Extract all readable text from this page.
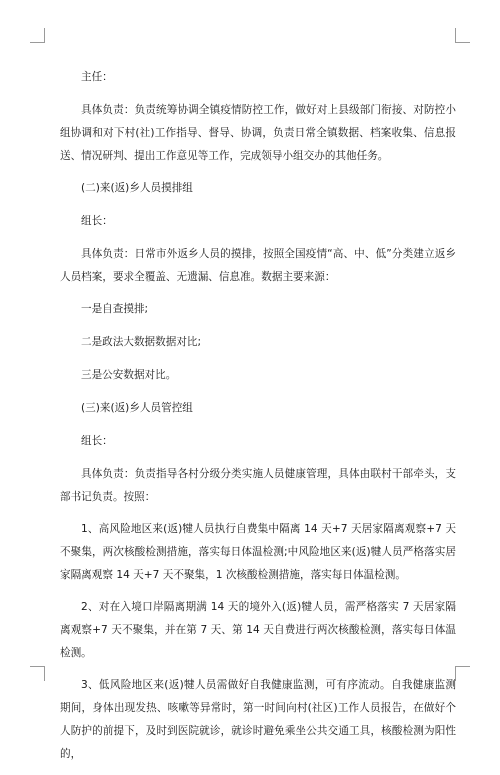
主任：

具体负责：负责统筹协调全镇疫情防控工作，做好对上县级部门衔接、对防控小组协调和对下村(社)工作指导、督导、协调，负责日常全镇数据、档案收集、信息报送、情况研判、提出工作意见等工作，完成领导小组交办的其他任务。

(二)来(返)乡人员摸排组

组长：

具体负责：日常市外返乡人员的摸排，按照全国疫情“高、中、低”分类建立返乡人员档案，要求全覆盖、无遗漏、信息准。数据主要来源：

一是自查摸排;

二是政法大数据数据对比;

三是公安数据对比。

(三)来(返)乡人员管控组

组长：

具体负责：负责指导各村分级分类实施人员健康管理，具体由联村干部牵头，支部书记负责。按照：

1、高风险地区来(返)犍人员执行自费集中隔离 14 天+7 天居家隔离观察+7 天不聚集，两次核酸检测措施，落实每日体温检测;中风险地区来(返)犍人员严格落实居家隔离观察 14 天+7 天不聚集，1 次核酸检测措施，落实每日体温检测。

2、对在入境口岸隔离期满 14 天的境外入(返)犍人员，需严格落实 7 天居家隔离观察+7 天不聚集，并在第 7 天、第 14 天自费进行两次核酸检测，落实每日体温检测。

3、低风险地区来(返)犍人员需做好自我健康监测，可有序流动。自我健康监测期间，身体出现发热、咳嗽等异常时，第一时间向村(社区)工作人员报告，在做好个人防护的前提下，及时到医院就诊，就诊时避免乘坐公共交通工具，核酸检测为阳性的，
